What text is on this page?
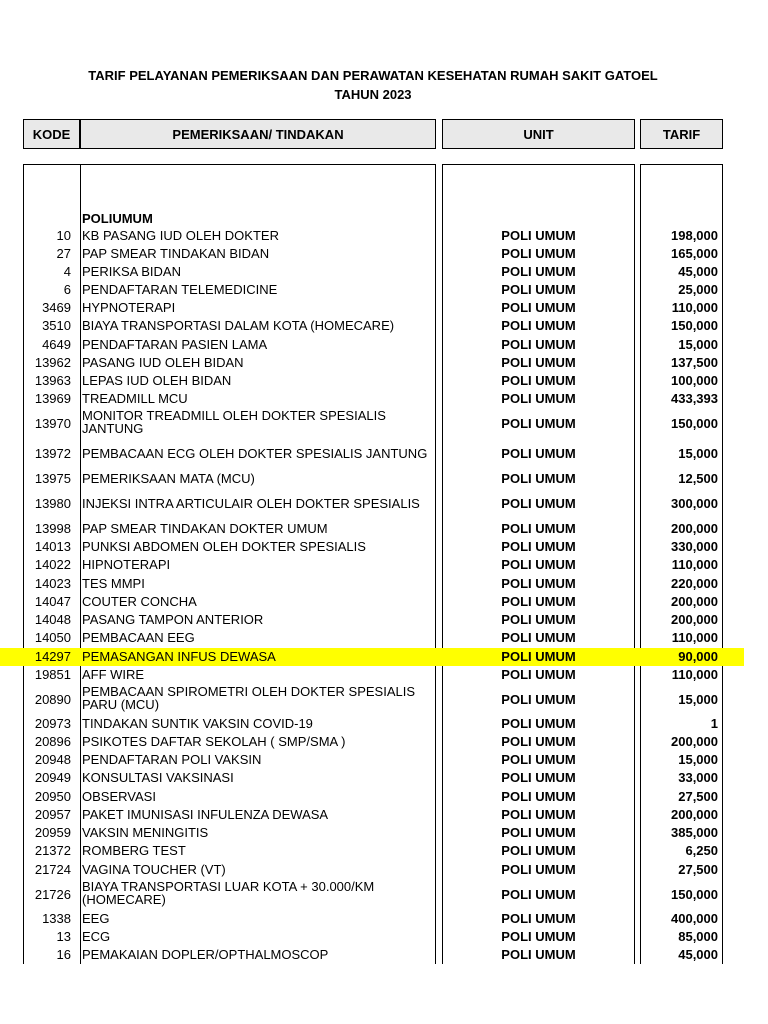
TARIF PELAYANAN PEMERIKSAAN DAN PERAWATAN KESEHATAN RUMAH SAKIT GATOEL
TAHUN 2023
KODE	PEMERIKSAAN/ TINDAKAN	UNIT	TARIF
POLIUMUM
10 KB PASANG IUD OLEH DOKTER	POLI UMUM	198,000
27 PAP SMEAR TINDAKAN BIDAN	POLI UMUM	165,000
4 PERIKSA BIDAN	POLI UMUM	45,000
6 PENDAFTARAN TELEMEDICINE	POLI UMUM	25,000
3469 HYPNOTERAPI	POLI UMUM	110,000
3510 BIAYA TRANSPORTASI DALAM KOTA (HOMECARE)	POLI UMUM	150,000
4649 PENDAFTARAN PASIEN LAMA	POLI UMUM	15,000
13962 PASANG IUD OLEH BIDAN	POLI UMUM	137,500
13963 LEPAS IUD OLEH BIDAN	POLI UMUM	100,000
13969 TREADMILL MCU	POLI UMUM	433,393
13970
MONITOR TREADMILL OLEH DOKTER SPESIALIS JANTUNG	POLI UMUM	150,000
13972 PEMBACAAN ECG OLEH DOKTER SPESIALIS JANTUNG	POLI UMUM	15,000
13975 PEMERIKSAAN MATA (MCU)	POLI UMUM	12,500
13980 INJEKSI INTRA ARTICULAIR OLEH DOKTER SPESIALIS	POLI UMUM	300,000
13998 PAP SMEAR TINDAKAN DOKTER UMUM	POLI UMUM	200,000
14013 PUNKSI ABDOMEN OLEH DOKTER SPESIALIS	POLI UMUM	330,000
14022 HIPNOTERAPI	POLI UMUM	110,000
14023 TES MMPI	POLI UMUM	220,000
14047 COUTER CONCHA	POLI UMUM	200,000
14048 PASANG TAMPON ANTERIOR	POLI UMUM	200,000
14050 PEMBACAAN EEG	POLI UMUM	110,000
14297 PEMASANGAN INFUS DEWASA	POLI UMUM	90,000
19851 AFF WIRE	POLI UMUM	110,000
20890
PEMBACAAN SPIROMETRI OLEH DOKTER SPESIALIS PARU (MCU)	POLI UMUM	15,000
20973 TINDAKAN SUNTIK VAKSIN COVID-19	POLI UMUM	1
20896 PSIKOTES DAFTAR SEKOLAH ( SMP/SMA )	POLI UMUM	200,000
20948 PENDAFTARAN POLI VAKSIN	POLI UMUM	15,000
20949 KONSULTASI VAKSINASI	POLI UMUM	33,000
20950 OBSERVASI	POLI UMUM	27,500
20957 PAKET IMUNISASI INFULENZA DEWASA	POLI UMUM	200,000
20959 VAKSIN MENINGITIS	POLI UMUM	385,000
21372 ROMBERG TEST	POLI UMUM	6,250
21724 VAGINA TOUCHER (VT)	POLI UMUM	27,500
21726
BIAYA TRANSPORTASI LUAR KOTA + 30.000/KM (HOMECARE)	POLI UMUM	150,000
1338 EEG	POLI UMUM	400,000
13 ECG	POLI UMUM	85,000
16 PEMAKAIAN DOPLER/OPTHALMOSCOP	POLI UMUM	45,000
